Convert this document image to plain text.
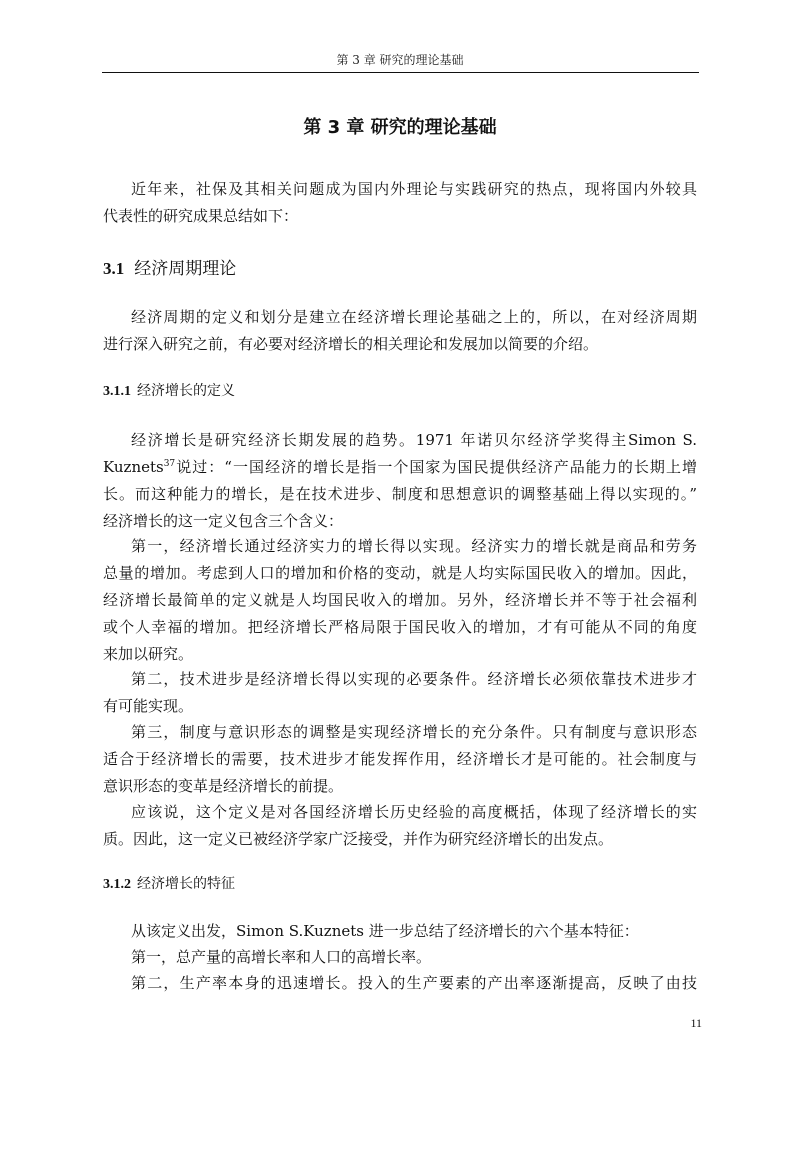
第 3 章 研究的理论基础
第 3 章 研究的理论基础
近年来，社保及其相关问题成为国内外理论与实践研究的热点，现将国内外较具
代表性的研究成果总结如下：
3.1 经济周期理论
经济周期的定义和划分是建立在经济增长理论基础之上的，所以，在对经济周期
进行深入研究之前，有必要对经济增长的相关理论和发展加以简要的介绍。
3.1.1 经济增长的定义
经济增长是研究经济长期发展的趋势。1971 年诺贝尔经济学奖得主Simon S.
Kuznets$^{37}$说过：“一国经济的增长是指一个国家为国民提供经济产品能力的长期上增
长。而这种能力的增长，是在技术进步、制度和思想意识的调整基础上得以实现的。”
经济增长的这一定义包含三个含义：
第一，经济增长通过经济实力的增长得以实现。经济实力的增长就是商品和劳务
总量的增加。考虑到人口的增加和价格的变动，就是人均实际国民收入的增加。因此，
经济增长最简单的定义就是人均国民收入的增加。另外，经济增长并不等于社会福利
或个人幸福的增加。把经济增长严格局限于国民收入的增加，才有可能从不同的角度
来加以研究。
第二，技术进步是经济增长得以实现的必要条件。经济增长必须依靠技术进步才
有可能实现。
第三，制度与意识形态的调整是实现经济增长的充分条件。只有制度与意识形态
适合于经济增长的需要，技术进步才能发挥作用，经济增长才是可能的。社会制度与
意识形态的变革是经济增长的前提。
应该说，这个定义是对各国经济增长历史经验的高度概括，体现了经济增长的实
质。因此，这一定义已被经济学家广泛接受，并作为研究经济增长的出发点。
3.1.2 经济增长的特征
从该定义出发，Simon S.Kuznets 进一步总结了经济增长的六个基本特征：
第一，总产量的高增长率和人口的高增长率。
第二，生产率本身的迅速增长。投入的生产要素的产出率逐渐提高，反映了由技
11
